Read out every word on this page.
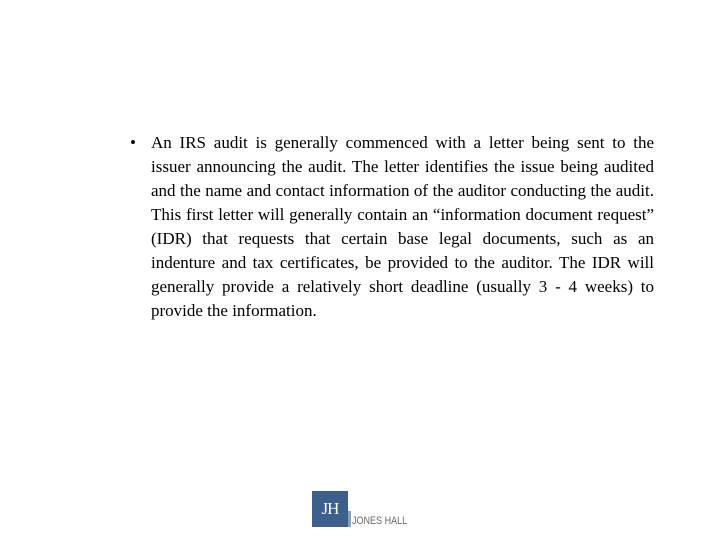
• An IRS audit is generally commenced with a letter being sent to the issuer announcing the audit. The letter identifies the issue being audited and the name and contact information of the auditor conducting the audit. This first letter will generally contain an “information document request” (IDR) that requests that certain base legal documents, such as an indenture and tax certificates, be provided to the auditor. The IDR will generally provide a relatively short deadline (usually 3 - 4 weeks) to provide the information.

JH
JONES HALL
